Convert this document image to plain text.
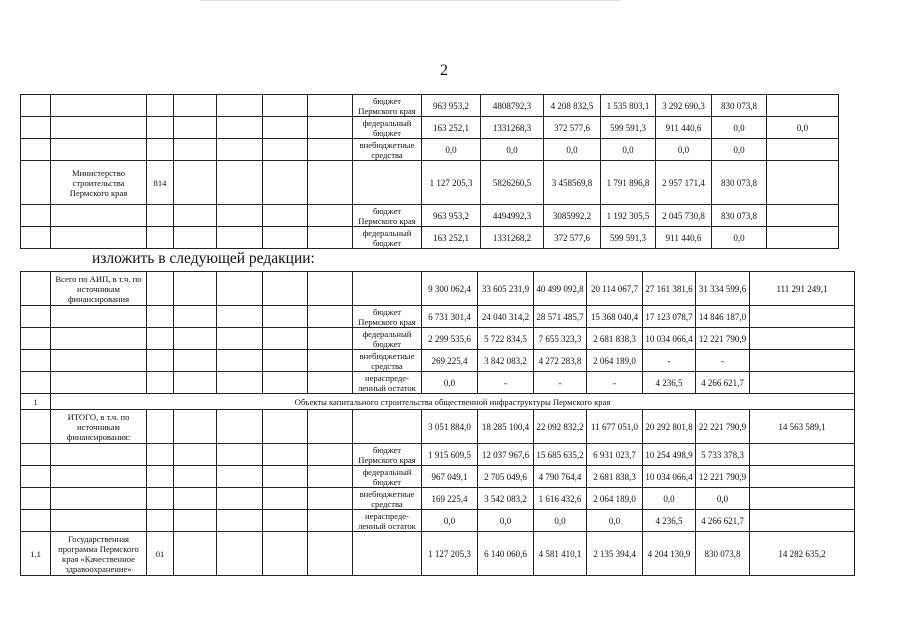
2
							бюджет Пермского края	963 953,2	4808792,3	4 208 832,5	1 535 803,1	3 292 690,3	830 073,8	
							федеральный бюджет	163 252,1	1331268,3	372 577,6	599 591,3	911 440,6	0,0	0,0
							внебюджетные средства	0,0	0,0	0,0	0,0	0,0	0,0	
	Министерство строительства Пермского края	814						1 127 205,3	5826260,5	3 458569,8	1 791 896,8	2 957 171,4	830 073,8	
							бюджет Пермского края	963 953,2	4494992,3	3085992,2	1 192 305,5	2 045 730,8	830 073,8	
							федеральный бюджет	163 252,1	1331268,2	372 577,6	599 591,3	911 440,6	0,0	
изложить в следующей редакции:
	Всего по АИП, в т.ч. по источникам финансирования							9 300 062,4	33 605 231,9	40 499 092,8	20 114 067,7	27 161 381,6	31 334 599,6	111 291 249,1
							бюджет Пермского края	6 731 301,4	24 040 314,2	28 571 485,7	15 368 040,4	17 123 078,7	14 846 187,0	
							федеральный бюджет	2 299 535,6	5 722 834,5	7 655 323,3	2 681 838,3	10 034 066,4	12 221 790,9	
							внебюджетные средства	269 225,4	3 842 083,2	4 272 283,8	2 064 189,0	-	-	
							нераспреде- ленный остаток	0,0	-	-	-	4 236,5	4 266 621,7	
1	Объекты капитального строительства общественной инфраструктуры Пермского края													
	ИТОГО, в т.ч. по источникам финансирования:							3 051 884,0	18 285 100,4	22 092 832,2	11 677 051,0	20 292 801,8	22 221 790,9	14 563 589,1
							бюджет Пермского края	1 915 609,5	12 037 967,6	15 685 635,2	6 931 023,7	10 254 498,9	5 733 378,3	
							федеральный бюджет	967 049,1	2 705 049,6	4 790 764,4	2 681 838,3	10 034 066,4	12 221 790,9	
							внебюджетные средства	169 225,4	3 542 083,2	1 616 432,6	2 064 189,0	0,0	0,0	
							нераспреде- ленный остаток	0,0	0,0	0,0	0,0	4 236,5	4 266 621,7	
1.1	Государственная программа Пермского края «Качественное здравоохранение»	01						1 127 205,3	6 140 060,6	4 581 410,1	2 135 394,4	4 204 130,9	830 073,8	14 282 635,2
